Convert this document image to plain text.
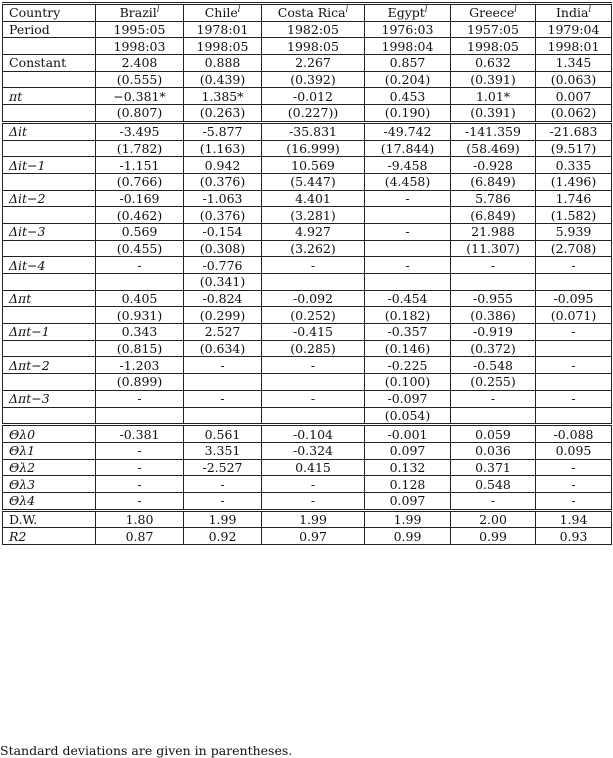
Country	Brazil$^l$	Chile$^l$	Costa Rica$^l$	Egypt$^l$	Greece$^l$	India$^l$
Period	1995:05	1978:01	1982:05	1976:03	1957:05	1979:04
	1998:03	1998:05	1998:05	1998:04	1998:05	1998:01
Constant	2.408	0.888	2.267	0.857	0.632	1.345
	(0.555)	(0.439)	(0.392)	(0.204)	(0.391)	(0.063)
πt	−0.381*	1.385*	-0.012	0.453	1.01*	0.007
	(0.807)	(0.263)	(0.227))	(0.190)	(0.391)	(0.062)
Δit	-3.495	-5.877	-35.831	-49.742	-141.359	-21.683
	(1.782)	(1.163)	(16.999)	(17.844)	(58.469)	(9.517)
Δit−1	-1.151	0.942	10.569	-9.458	-0.928	0.335
	(0.766)	(0.376)	(5.447)	(4.458)	(6.849)	(1.496)
Δit−2	-0.169	-1.063	4.401	-	5.786	1.746
	(0.462)	(0.376)	(3.281)		(6.849)	(1.582)
Δit−3	0.569	-0.154	4.927	-	21.988	5.939
	(0.455)	(0.308)	(3.262)		(11.307)	(2.708)
Δit−4	-	-0.776	-	-	-	-
		(0.341)				
Δπt	0.405	-0.824	-0.092	-0.454	-0.955	-0.095
	(0.931)	(0.299)	(0.252)	(0.182)	(0.386)	(0.071)
Δπt−1	0.343	2.527	-0.415	-0.357	-0.919	-
	(0.815)	(0.634)	(0.285)	(0.146)	(0.372)	
Δπt−2	-1.203	-	-	-0.225	-0.548	-
	(0.899)			(0.100)	(0.255)	
Δπt−3	-	-	-	-0.097	-	-
				(0.054)		
Θλ0	-0.381	0.561	-0.104	-0.001	0.059	-0.088
Θλ1	-	3.351	-0.324	0.097	0.036	0.095
Θλ2	-	-2.527	0.415	0.132	0.371	-
Θλ3	-	-	-	0.128	0.548	-
Θλ4	-	-	-	0.097	-	-
D.W.	1.80	1.99	1.99	1.99	2.00	1.94
R2	0.87	0.92	0.97	0.99	0.99	0.93
Standard deviations are given in parentheses.
